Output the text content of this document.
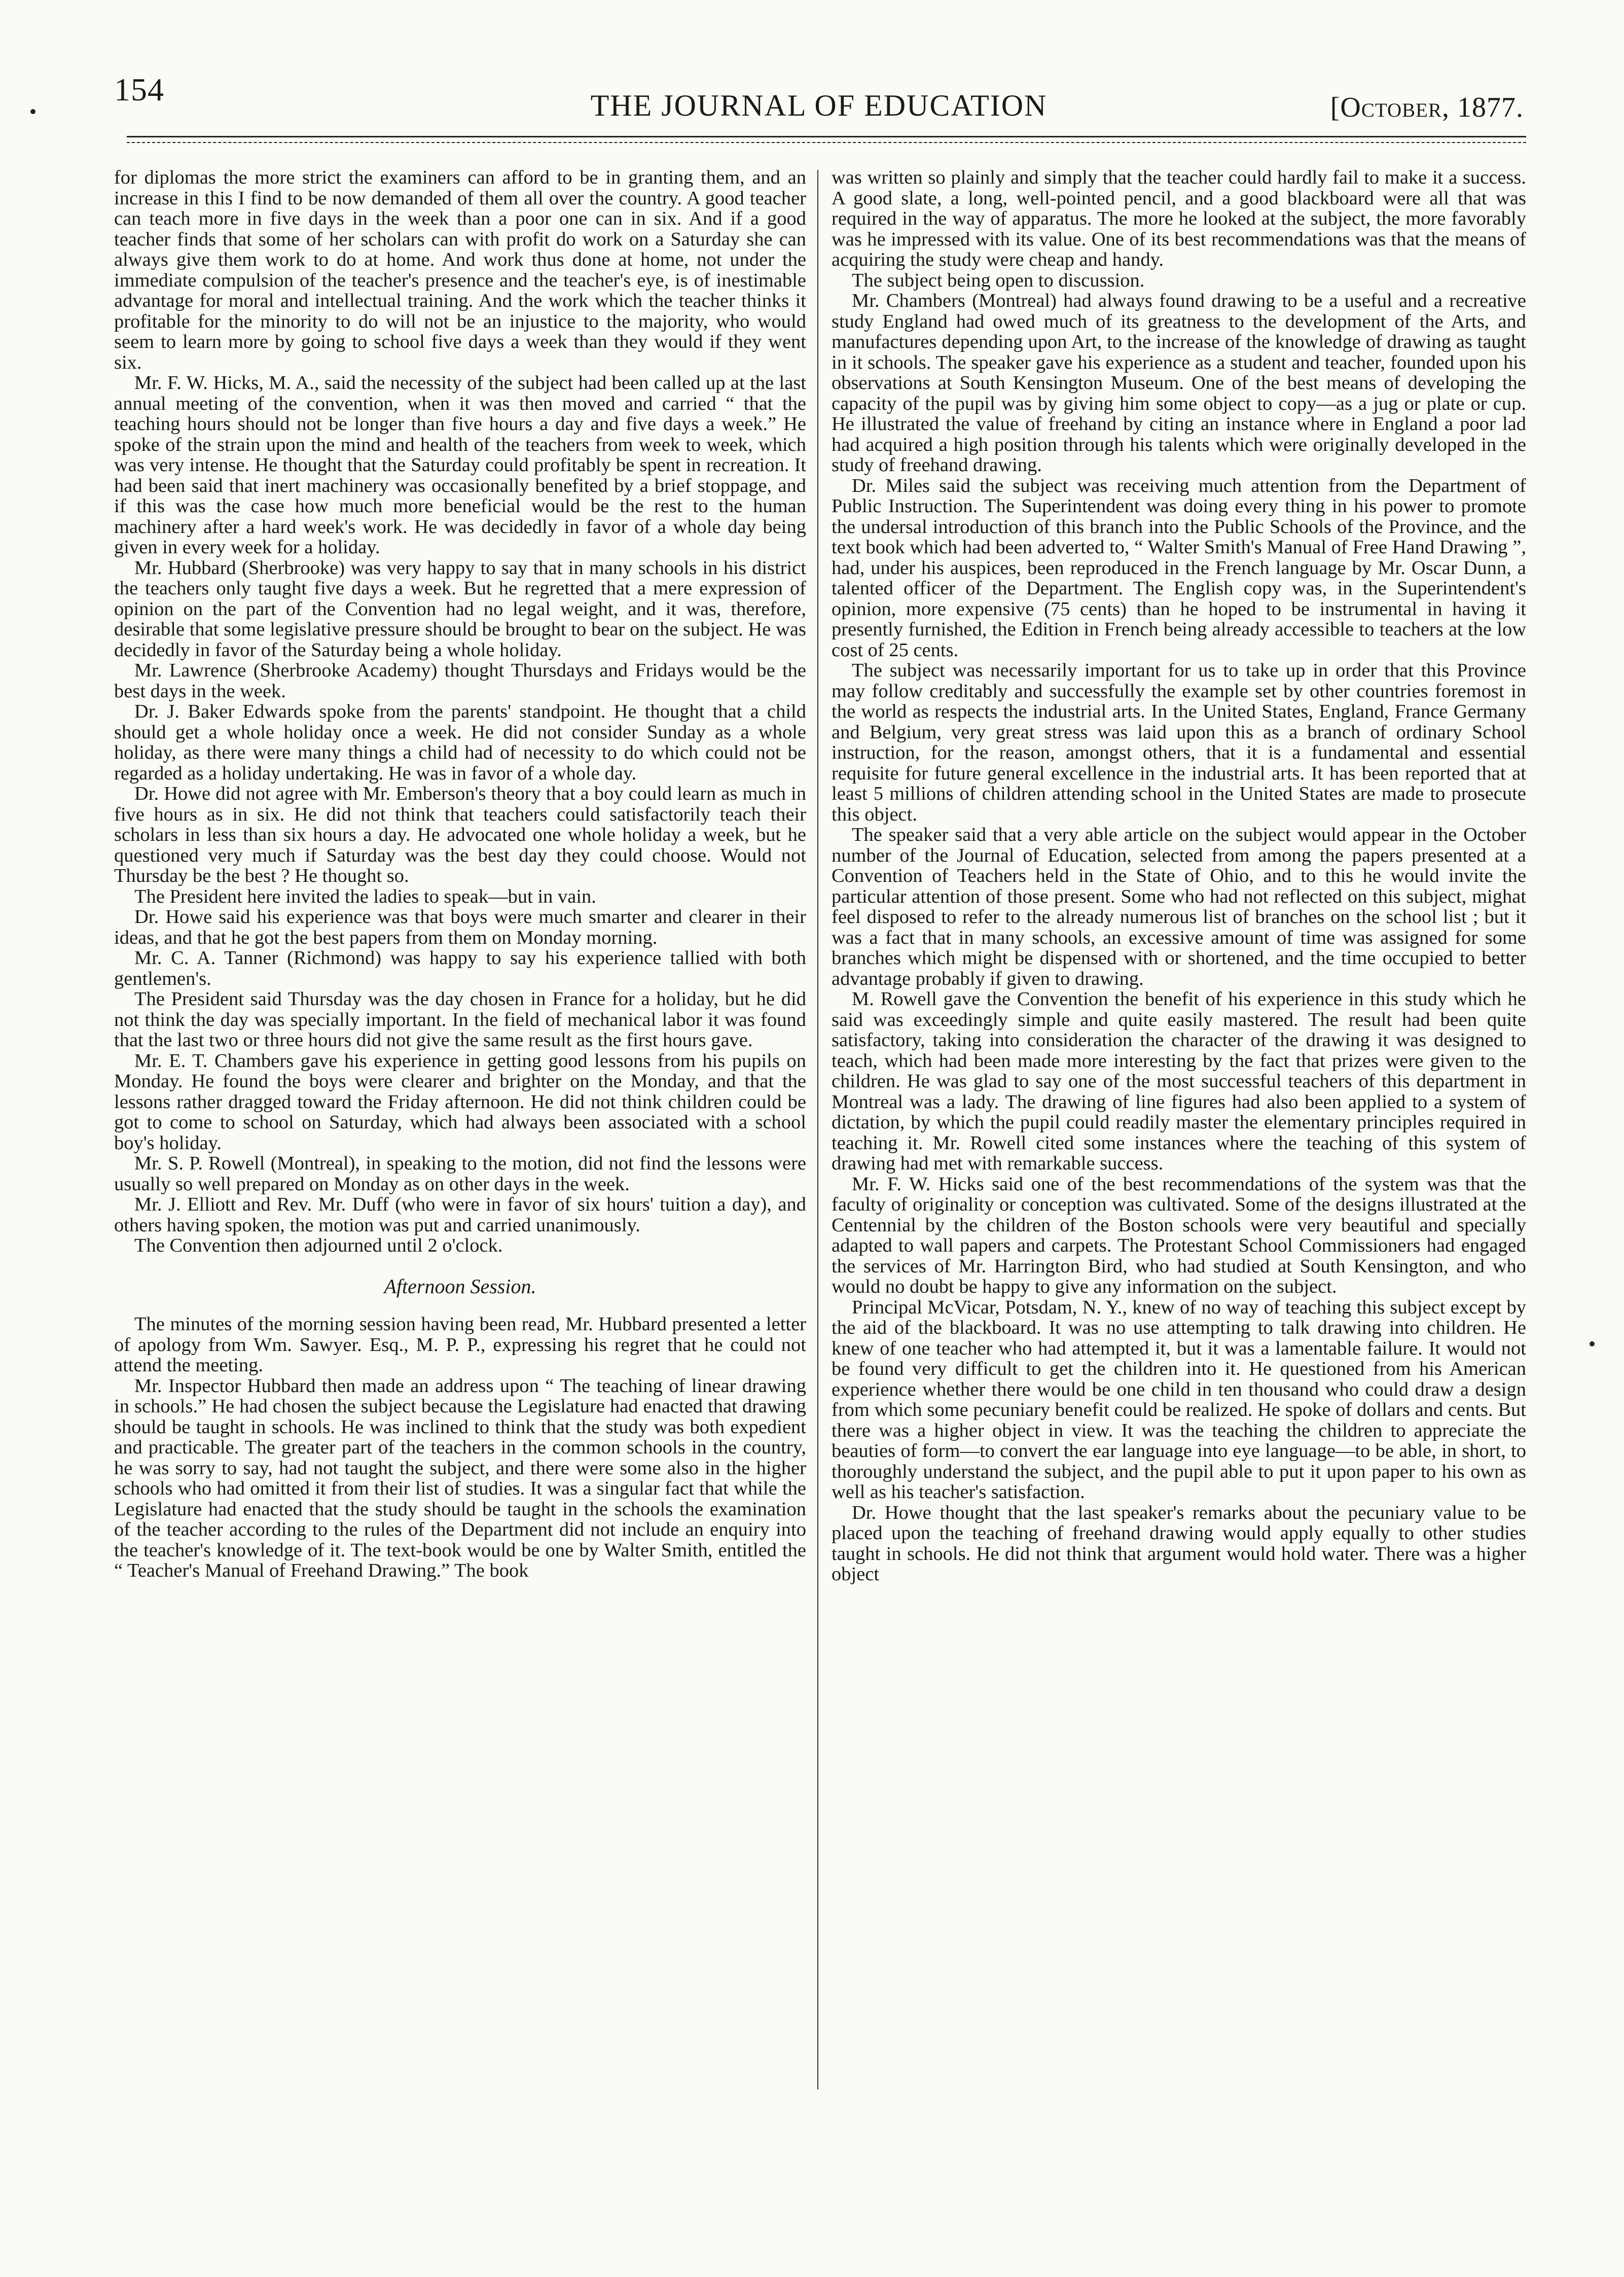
154	THE JOURNAL OF EDUCATION	[October, 1877.

for diplomas the more strict the examiners can afford to be in granting them, and an increase in this I find to be now demanded of them all over the country. A good teacher can teach more in five days in the week than a poor one can in six. And if a good teacher finds that some of her scholars can with profit do work on a Saturday she can always give them work to do at home. And work thus done at home, not under the immediate compulsion of the teacher's presence and the teacher's eye, is of inestimable advantage for moral and intellectual training. And the work which the teacher thinks it profitable for the minority to do will not be an injustice to the majority, who would seem to learn more by going to school five days a week than they would if they went six.

Mr. F. W. Hicks, M. A., said the necessity of the subject had been called up at the last annual meeting of the convention, when it was then moved and carried “ that the teaching hours should not be longer than five hours a day and five days a week.” He spoke of the strain upon the mind and health of the teachers from week to week, which was very intense. He thought that the Saturday could profitably be spent in recreation. It had been said that inert machinery was occasionally benefited by a brief stoppage, and if this was the case how much more beneficial would be the rest to the human machinery after a hard week's work. He was decidedly in favor of a whole day being given in every week for a holiday.

Mr. Hubbard (Sherbrooke) was very happy to say that in many schools in his district the teachers only taught five days a week. But he regretted that a mere expression of opinion on the part of the Convention had no legal weight, and it was, therefore, desirable that some legislative pressure should be brought to bear on the subject. He was decidedly in favor of the Saturday being a whole holiday.

Mr. Lawrence (Sherbrooke Academy) thought Thursdays and Fridays would be the best days in the week.

Dr. J. Baker Edwards spoke from the parents' standpoint. He thought that a child should get a whole holiday once a week. He did not consider Sunday as a whole holiday, as there were many things a child had of necessity to do which could not be regarded as a holiday undertaking. He was in favor of a whole day.

Dr. Howe did not agree with Mr. Emberson's theory that a boy could learn as much in five hours as in six. He did not think that teachers could satisfactorily teach their scholars in less than six hours a day. He advocated one whole holiday a week, but he questioned very much if Saturday was the best day they could choose. Would not Thursday be the best ? He thought so.

The President here invited the ladies to speak—but in vain.

Dr. Howe said his experience was that boys were much smarter and clearer in their ideas, and that he got the best papers from them on Monday morning.

Mr. C. A. Tanner (Richmond) was happy to say his experience tallied with both gentlemen's.

The President said Thursday was the day chosen in France for a holiday, but he did not think the day was specially important. In the field of mechanical labor it was found that the last two or three hours did not give the same result as the first hours gave.

Mr. E. T. Chambers gave his experience in getting good lessons from his pupils on Monday. He found the boys were clearer and brighter on the Monday, and that the lessons rather dragged toward the Friday afternoon. He did not think children could be got to come to school on Saturday, which had always been associated with a school boy's holiday.

Mr. S. P. Rowell (Montreal), in speaking to the motion, did not find the lessons were usually so well prepared on Monday as on other days in the week.

Mr. J. Elliott and Rev. Mr. Duff (who were in favor of six hours' tuition a day), and others having spoken, the motion was put and carried unanimously.

The Convention then adjourned until 2 o'clock.

Afternoon Session.

The minutes of the morning session having been read, Mr. Hubbard presented a letter of apology from Wm. Sawyer. Esq., M. P. P., expressing his regret that he could not attend the meeting.

Mr. Inspector Hubbard then made an address upon “ The teaching of linear drawing in schools.” He had chosen the subject because the Legislature had enacted that drawing should be taught in schools. He was inclined to think that the study was both expedient and practicable. The greater part of the teachers in the common schools in the country, he was sorry to say, had not taught the subject, and there were some also in the higher schools who had omitted it from their list of studies. It was a singular fact that while the Legislature had enacted that the study should be taught in the schools the examination of the teacher according to the rules of the Department did not include an enquiry into the teacher's knowledge of it. The text-book would be one by Walter Smith, entitled the “ Teacher's Manual of Freehand Drawing.” The book

was written so plainly and simply that the teacher could hardly fail to make it a success. A good slate, a long, well-pointed pencil, and a good blackboard were all that was required in the way of apparatus. The more he looked at the subject, the more favorably was he impressed with its value. One of its best recommendations was that the means of acquiring the study were cheap and handy.

The subject being open to discussion.

Mr. Chambers (Montreal) had always found drawing to be a useful and a recreative study England had owed much of its greatness to the development of the Arts, and manufactures depending upon Art, to the increase of the knowledge of drawing as taught in it schools. The speaker gave his experience as a student and teacher, founded upon his observations at South Kensington Museum. One of the best means of developing the capacity of the pupil was by giving him some object to copy—as a jug or plate or cup. He illustrated the value of freehand by citing an instance where in England a poor lad had acquired a high position through his talents which were originally developed in the study of freehand drawing.

Dr. Miles said the subject was receiving much attention from the Department of Public Instruction. The Superintendent was doing every thing in his power to promote the undersal introduction of this branch into the Public Schools of the Province, and the text book which had been adverted to, “ Walter Smith's Manual of Free Hand Drawing ”, had, under his auspices, been reproduced in the French language by Mr. Oscar Dunn, a talented officer of the Department. The English copy was, in the Superintendent's opinion, more expensive (75 cents) than he hoped to be instrumental in having it presently furnished, the Edition in French being already accessible to teachers at the low cost of 25 cents.

The subject was necessarily important for us to take up in order that this Province may follow creditably and successfully the example set by other countries foremost in the world as respects the industrial arts. In the United States, England, France Germany and Belgium, very great stress was laid upon this as a branch of ordinary School instruction, for the reason, amongst others, that it is a fundamental and essential requisite for future general excellence in the industrial arts. It has been reported that at least 5 millions of children attending school in the United States are made to prosecute this object.

The speaker said that a very able article on the subject would appear in the October number of the Journal of Education, selected from among the papers presented at a Convention of Teachers held in the State of Ohio, and to this he would invite the particular attention of those present. Some who had not reflected on this subject, mighat feel disposed to refer to the already numerous list of branches on the school list ; but it was a fact that in many schools, an excessive amount of time was assigned for some branches which might be dispensed with or shortened, and the time occupied to better advantage probably if given to drawing.

M. Rowell gave the Convention the benefit of his experience in this study which he said was exceedingly simple and quite easily mastered. The result had been quite satisfactory, taking into consideration the character of the drawing it was designed to teach, which had been made more interesting by the fact that prizes were given to the children. He was glad to say one of the most successful teachers of this department in Montreal was a lady. The drawing of line figures had also been applied to a system of dictation, by which the pupil could readily master the elementary principles required in teaching it. Mr. Rowell cited some instances where the teaching of this system of drawing had met with remarkable success.

Mr. F. W. Hicks said one of the best recommendations of the system was that the faculty of originality or conception was cultivated. Some of the designs illustrated at the Centennial by the children of the Boston schools were very beautiful and specially adapted to wall papers and carpets. The Protestant School Commissioners had engaged the services of Mr. Harrington Bird, who had studied at South Kensington, and who would no doubt be happy to give any information on the subject.

Principal McVicar, Potsdam, N. Y., knew of no way of teaching this subject except by the aid of the blackboard. It was no use attempting to talk drawing into children. He knew of one teacher who had attempted it, but it was a lamentable failure. It would not be found very difficult to get the children into it. He questioned from his American experience whether there would be one child in ten thousand who could draw a design from which some pecuniary benefit could be realized. He spoke of dollars and cents. But there was a higher object in view. It was the teaching the children to appreciate the beauties of form—to convert the ear language into eye language—to be able, in short, to thoroughly understand the subject, and the pupil able to put it upon paper to his own as well as his teacher's satisfaction.

Dr. Howe thought that the last speaker's remarks about the pecuniary value to be placed upon the teaching of freehand drawing would apply equally to other studies taught in schools. He did not think that argument would hold water. There was a higher object
